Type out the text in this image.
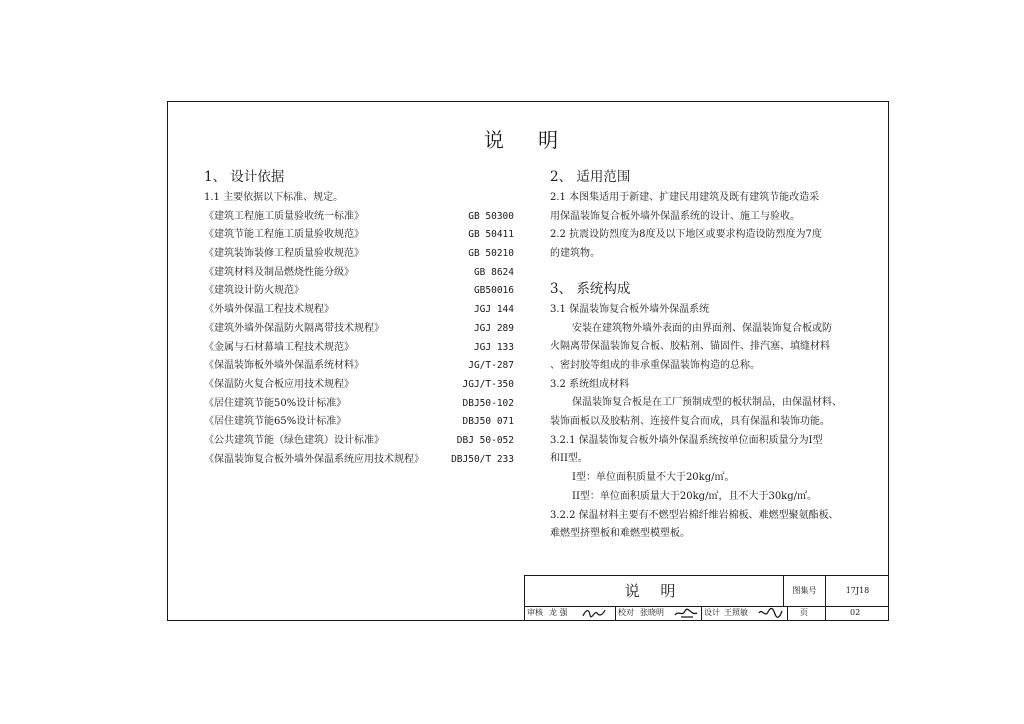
说 明
1、 设计依据
1.1 主要依据以下标准、规定。
《建筑工程施工质量验收统一标准》	GB 50300
《建筑节能工程施工质量验收规范》	GB 50411
《建筑装饰装修工程质量验收规范》	GB 50210
《建筑材料及制品燃烧性能分级》	GB 8624
《建筑设计防火规范》	GB50016
《外墙外保温工程技术规程》	JGJ 144
《建筑外墙外保温防火隔离带技术规程》	JGJ 289
《金属与石材幕墙工程技术规范》	JGJ 133
《保温装饰板外墙外保温系统材料》	JG/T-287
《保温防火复合板应用技术规程》	JGJ/T-350
《居住建筑节能50%设计标准》	DBJ50-102
《居住建筑节能65%设计标准》	DBJ50 071
《公共建筑节能（绿色建筑）设计标准》	DBJ 50-052
《保温装饰复合板外墙外保温系统应用技术规程》	DBJ50/T 233
2、 适用范围
2.1 本图集适用于新建、扩建民用建筑及既有建筑节能改造采
用保温装饰复合板外墙外保温系统的设计、施工与验收。
2.2 抗震设防烈度为8度及以下地区或要求构造设防烈度为7度
的建筑物。
3、 系统构成
3.1 保温装饰复合板外墙外保温系统
安装在建筑物外墙外表面的由界面剂、保温装饰复合板或防
火隔离带保温装饰复合板、胶粘剂、锚固件、排汽塞、填缝材料
、密封胶等组成的非承重保温装饰构造的总称。
3.2 系统组成材料
保温装饰复合板是在工厂预制成型的板状制品，由保温材料、
装饰面板以及胶粘剂、连接件复合而成，具有保温和装饰功能。
3.2.1 保温装饰复合板外墙外保温系统按单位面积质量分为I型
和II型。
I型：单位面积质量不大于20kg/㎡。
II型：单位面积质量大于20kg/㎡，且不大于30kg/㎡。
3.2.2 保温材料主要有不燃型岩棉纤维岩棉板、难燃型聚氨酯板、
难燃型挤塑板和难燃型模塑板。
说 明	图集号	17J18
审核 龙 强	校对 张晓明	设计 王照敏	页	02
